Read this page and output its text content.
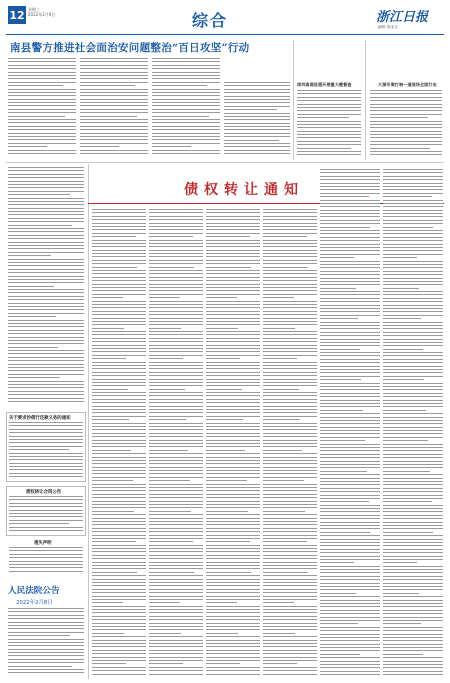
12 星期三
2022年2月9日	综合	浙江日报
编辑: 陈亚宝
南县警方推进社会面治安问题整治“百日攻坚”行动
深圳南源县强开展重大题督查	大源专案打响一道战场全面打击
关于要求抄债行还款义务的通知
债权转让合同公告
遗失声明
人民法院公告
2022年2月8日
债权转让通知
